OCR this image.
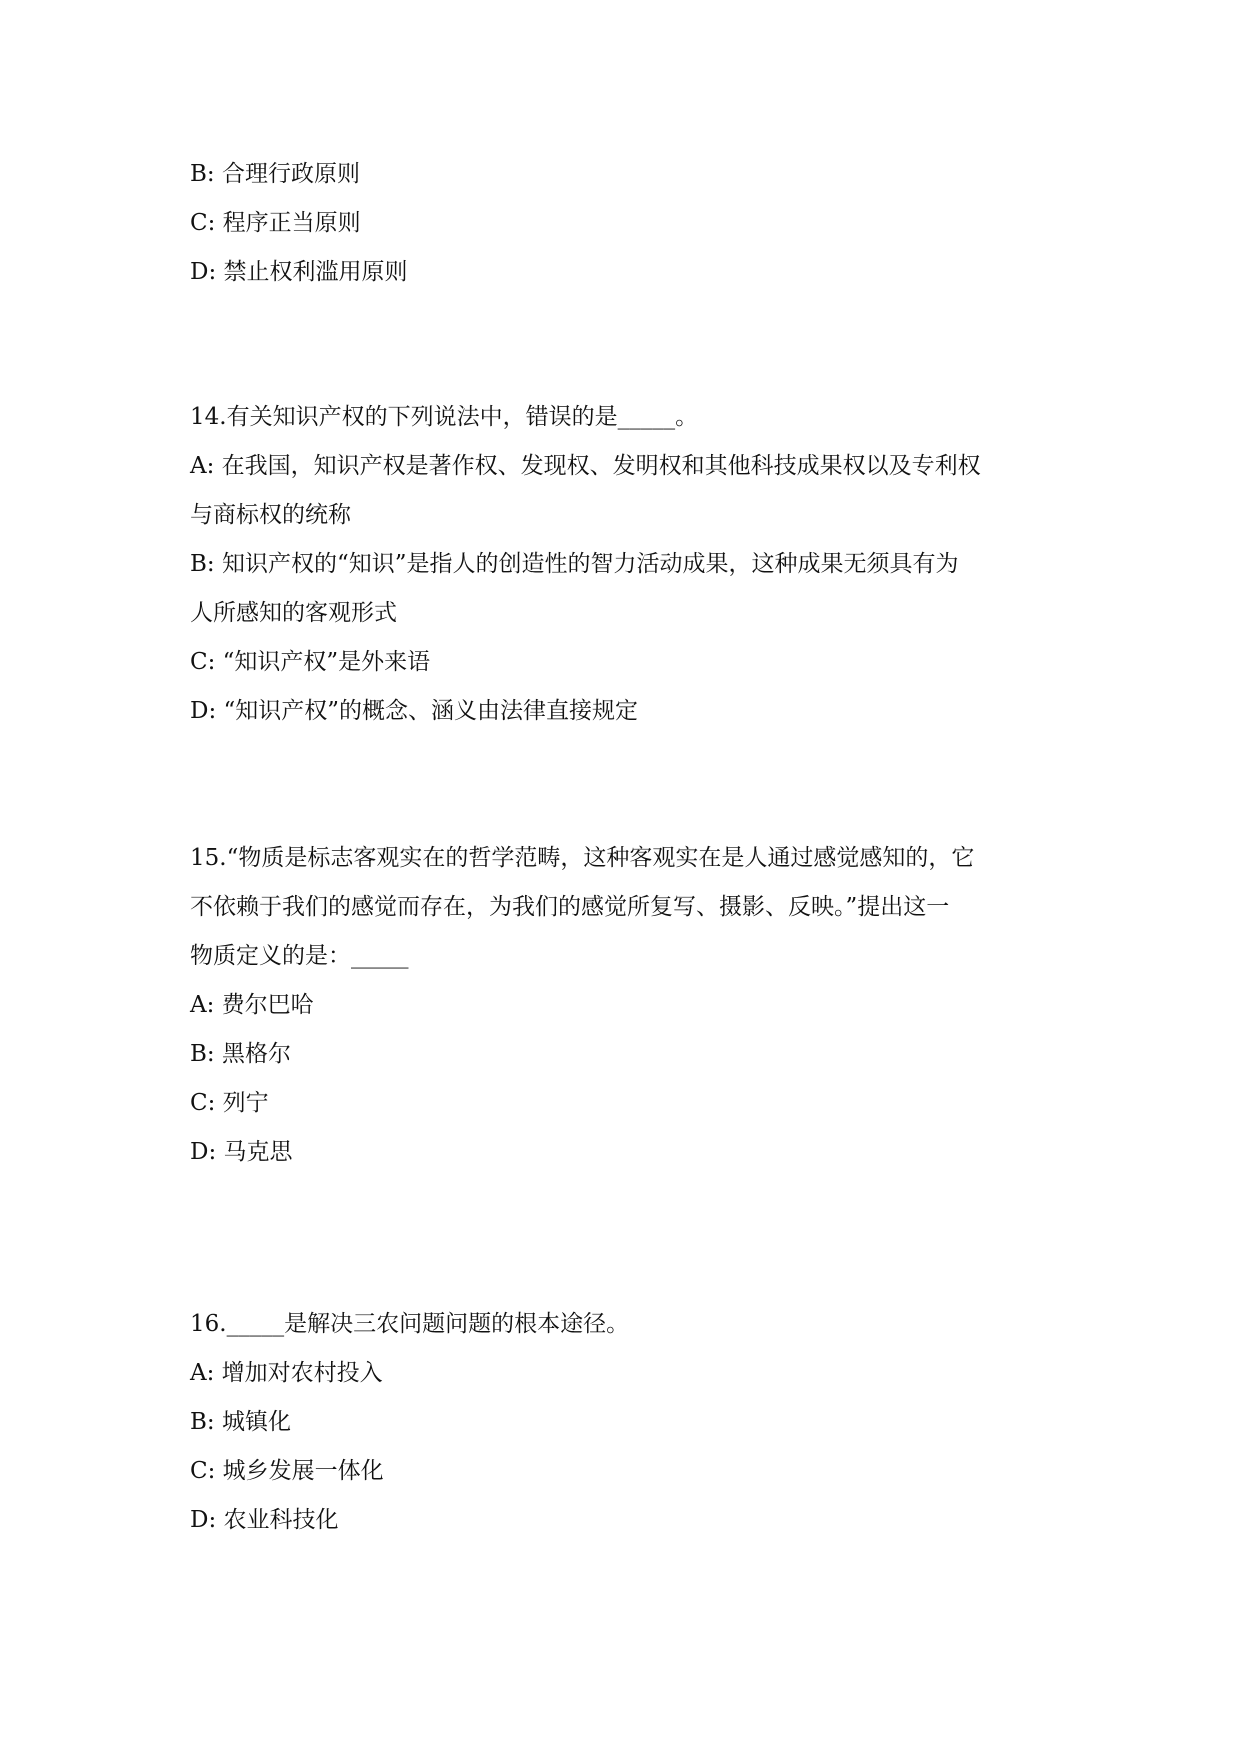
B: 合理行政原则
C: 程序正当原则
D: 禁止权利滥用原则
14.有关知识产权的下列说法中，错误的是_____。
A: 在我国，知识产权是著作权、发现权、发明权和其他科技成果权以及专利权
与商标权的统称
B: 知识产权的“知识”是指人的创造性的智力活动成果，这种成果无须具有为
人所感知的客观形式
C: “知识产权”是外来语
D: “知识产权”的概念、涵义由法律直接规定
15.“物质是标志客观实在的哲学范畴，这种客观实在是人通过感觉感知的，它
不依赖于我们的感觉而存在，为我们的感觉所复写、摄影、反映。”提出这一
物质定义的是：_____
A: 费尔巴哈
B: 黑格尔
C: 列宁
D: 马克思
16._____是解决三农问题问题的根本途径。
A: 增加对农村投入
B: 城镇化
C: 城乡发展一体化
D: 农业科技化
